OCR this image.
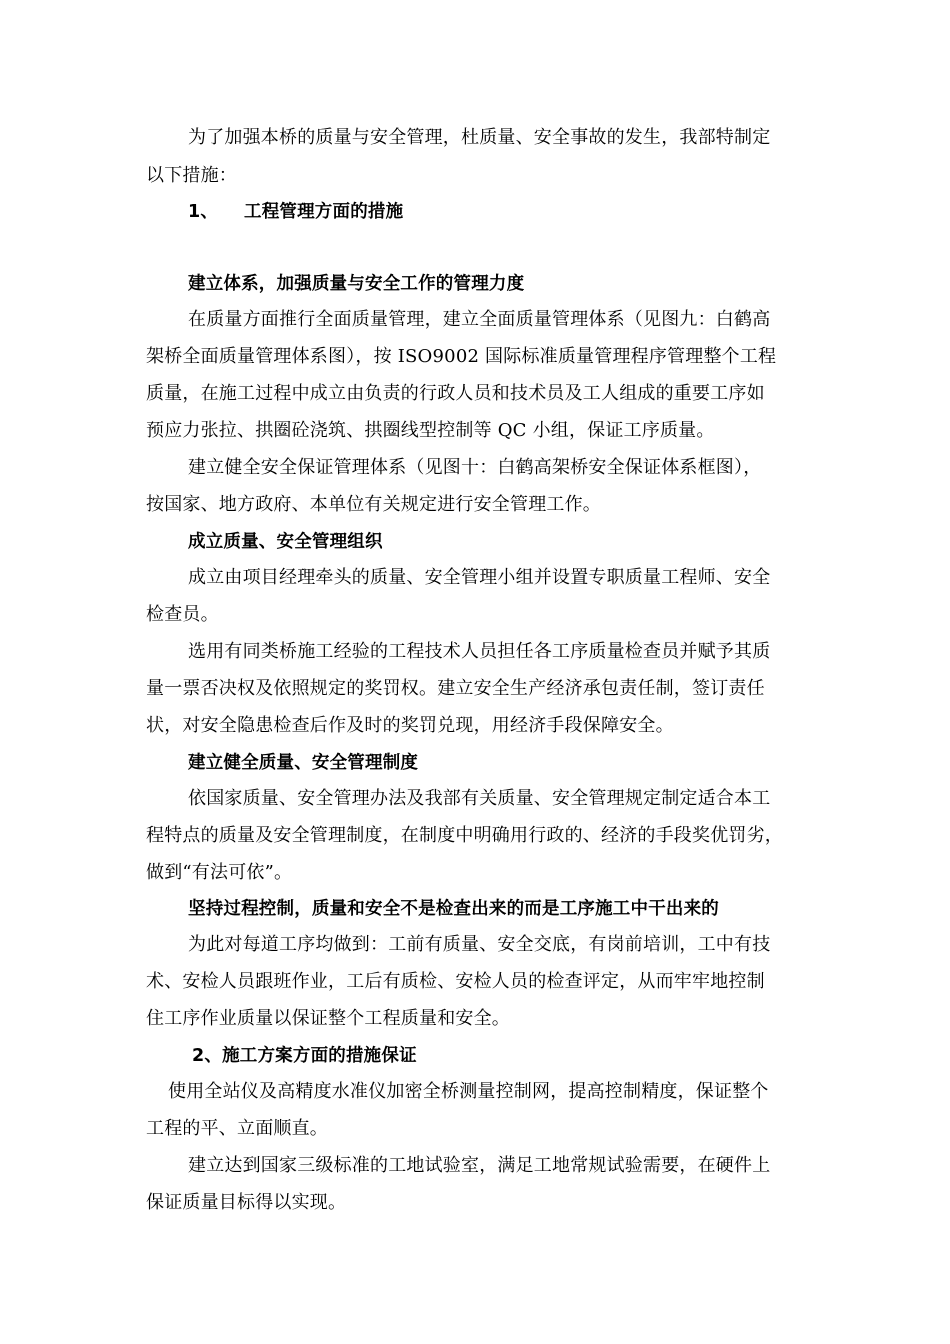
为了加强本桥的质量与安全管理，杜质量、安全事故的发生，我部特制定
以下措施：
1、	工程管理方面的措施
建立体系，加强质量与安全工作的管理力度
在质量方面推行全面质量管理，建立全面质量管理体系（见图九：白鹤高
架桥全面质量管理体系图），按 ISO9002 国际标准质量管理程序管理整个工程
质量，在施工过程中成立由负责的行政人员和技术员及工人组成的重要工序如
预应力张拉、拱圈砼浇筑、拱圈线型控制等 QC 小组，保证工序质量。
建立健全安全保证管理体系（见图十：白鹤高架桥安全保证体系框图），
按国家、地方政府、本单位有关规定进行安全管理工作。
成立质量、安全管理组织
成立由项目经理牵头的质量、安全管理小组并设置专职质量工程师、安全
检查员。
选用有同类桥施工经验的工程技术人员担任各工序质量检查员并赋予其质
量一票否决权及依照规定的奖罚权。建立安全生产经济承包责任制，签订责任
状，对安全隐患检查后作及时的奖罚兑现，用经济手段保障安全。
建立健全质量、安全管理制度
依国家质量、安全管理办法及我部有关质量、安全管理规定制定适合本工
程特点的质量及安全管理制度，在制度中明确用行政的、经济的手段奖优罚劣，
做到“有法可依”。
坚持过程控制，质量和安全不是检查出来的而是工序施工中干出来的
为此对每道工序均做到：工前有质量、安全交底，有岗前培训，工中有技
术、安检人员跟班作业，工后有质检、安检人员的检查评定，从而牢牢地控制
住工序作业质量以保证整个工程质量和安全。
2、施工方案方面的措施保证
使用全站仪及高精度水准仪加密全桥测量控制网，提高控制精度，保证整个
工程的平、立面顺直。
建立达到国家三级标准的工地试验室，满足工地常规试验需要，在硬件上
保证质量目标得以实现。
